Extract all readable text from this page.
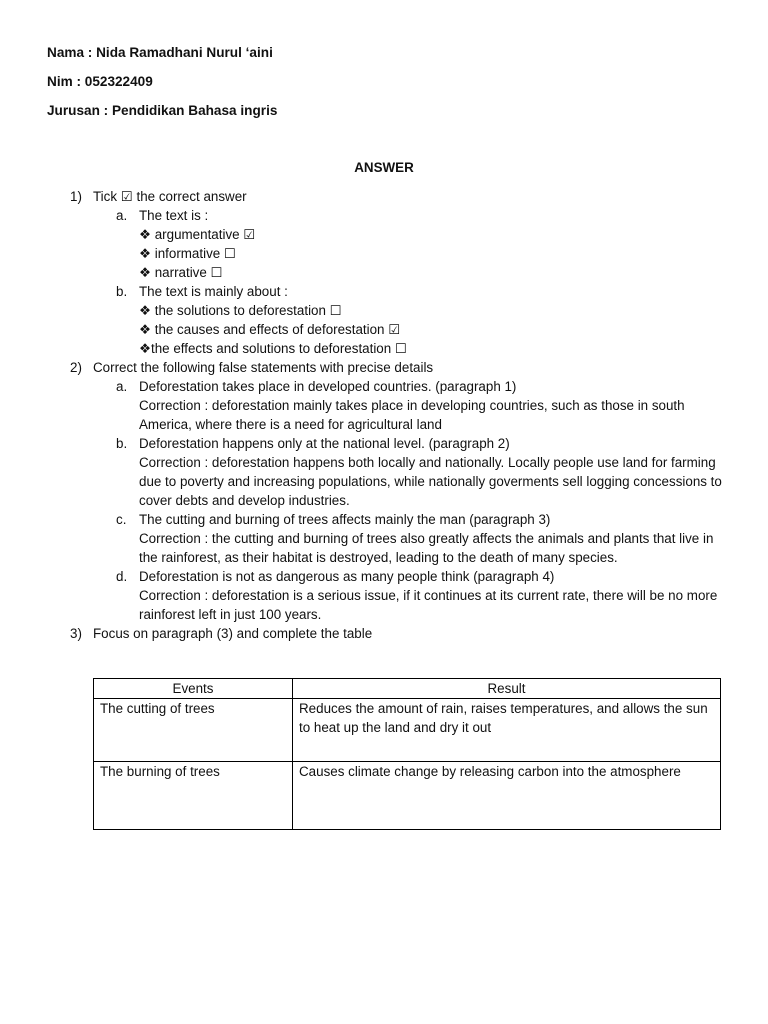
Nama : Nida Ramadhani Nurul ‘aini
Nim : 052322409
Jurusan : Pendidikan Bahasa ingris
ANSWER
1) Tick ☑ the correct answer
a. The text is :
❖ argumentative ☑
❖ informative ☐
❖ narrative ☐
b. The text is mainly about :
❖ the solutions to deforestation ☐
❖ the causes and effects of deforestation ☑
❖the effects and solutions to deforestation ☐
2) Correct the following false statements with precise details
a. Deforestation takes place in developed countries. (paragraph 1)
Correction : deforestation mainly takes place in developing countries, such as those in south America, where there is a need for agricultural land
b. Deforestation happens only at the national level. (paragraph 2)
Correction : deforestation happens both locally and nationally. Locally people use land for farming due to poverty and increasing populations, while nationally goverments sell logging concessions to cover debts and develop industries.
c. The cutting and burning of trees affects mainly the man (paragraph 3)
Correction : the cutting and burning of trees also greatly affects the animals and plants that live in the rainforest, as their habitat is destroyed, leading to the death of many species.
d. Deforestation is not as dangerous as many people think (paragraph 4)
Correction : deforestation is a serious issue, if it continues at its current rate, there will be no more rainforest left in just 100 years.
3) Focus on paragraph (3) and complete the table
Events	Result
The cutting of trees	Reduces the amount of rain, raises temperatures, and allows the sun to heat up the land and dry it out
The burning of trees	Causes climate change by releasing carbon into the atmosphere
